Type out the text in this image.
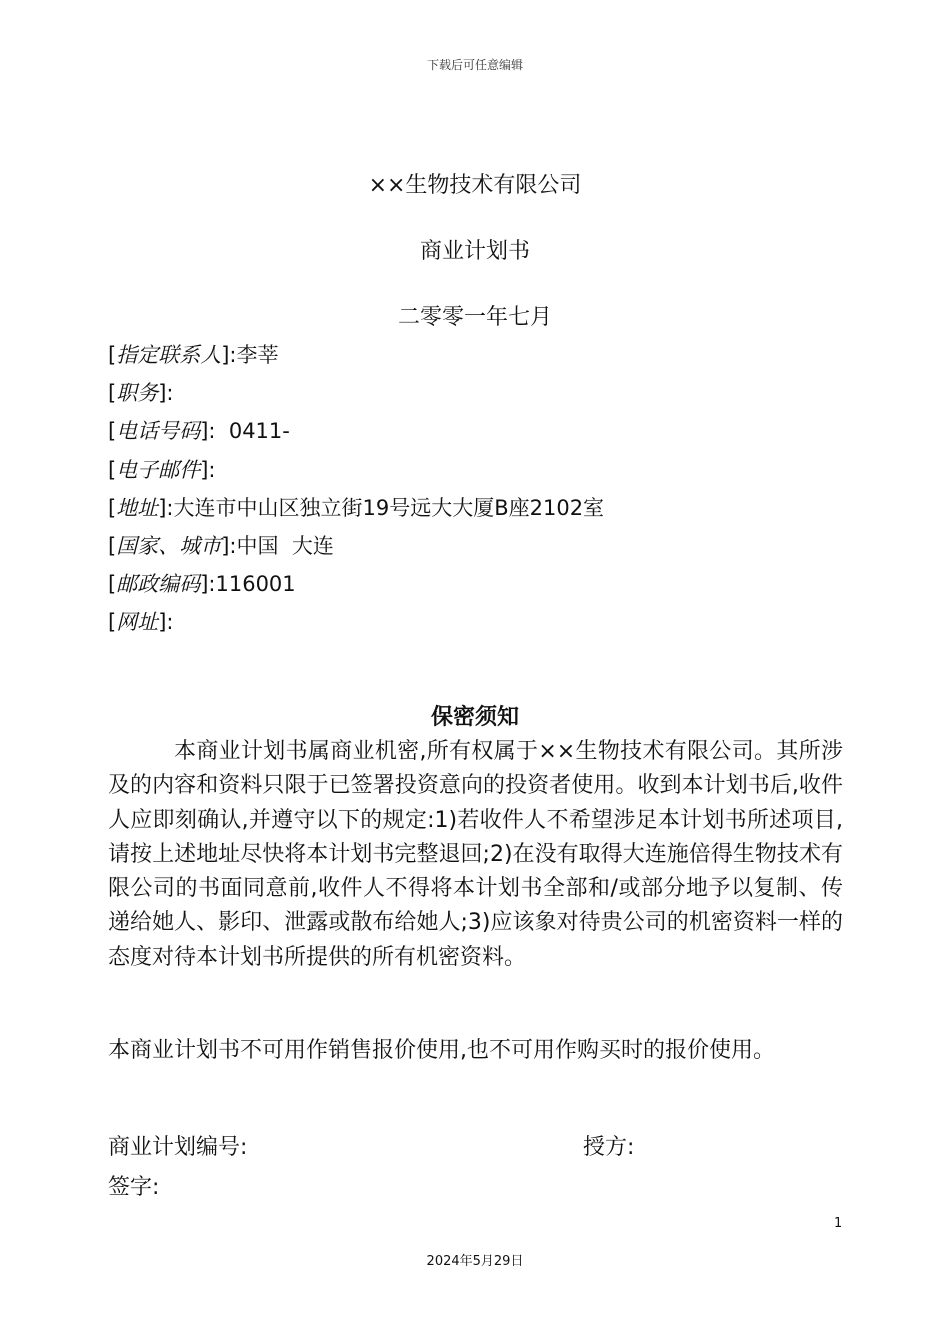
下载后可任意编辑
××生物技术有限公司
商业计划书
二零零一年七月
[指定联系人]:李莘
[职务]:
[电话号码]:  0411-
[电子邮件]:
[地址]:大连市中山区独立街19号远大大厦B座2102室
[国家、城市]:中国  大连
[邮政编码]:116001
[网址]:
保密须知
本商业计划书属商业机密,所有权属于××生物技术有限公司。其所涉及的内容和资料只限于已签署投资意向的投资者使用。收到本计划书后,收件人应即刻确认,并遵守以下的规定:1)若收件人不希望涉足本计划书所述项目,请按上述地址尽快将本计划书完整退回;2)在没有取得大连施倍得生物技术有限公司的书面同意前,收件人不得将本计划书全部和/或部分地予以复制、传递给她人、影印、泄露或散布给她人;3)应该象对待贵公司的机密资料一样的态度对待本计划书所提供的所有机密资料。
本商业计划书不可用作销售报价使用,也不可用作购买时的报价使用。
商业计划编号:	授方:
签字:
1
2024年5月29日
